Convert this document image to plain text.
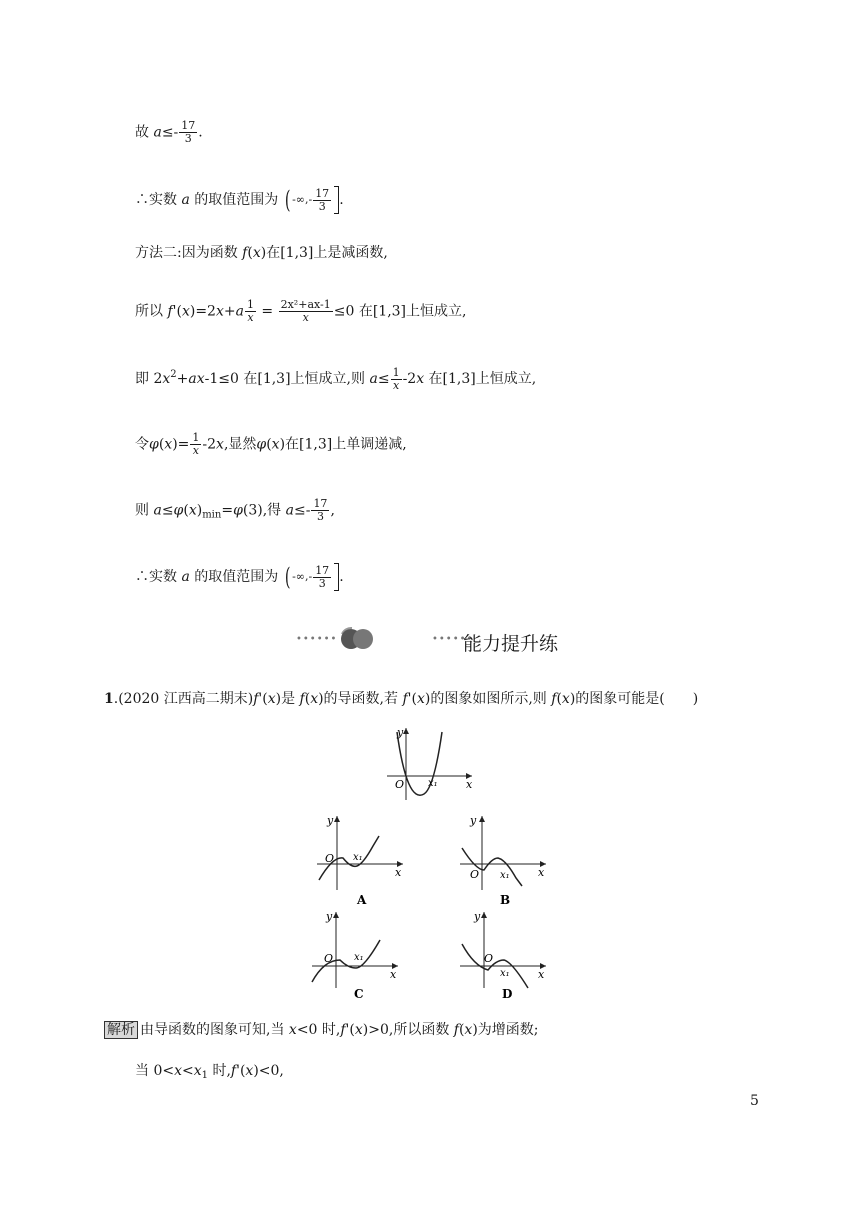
故 $a\le- \frac{17}{3}$ .
∴实数 a 的取值范围为 ( -∞,- $\frac{17}{3}$ .
方法二:因为函数 f(x)在[1,3]上是减函数,
所以 $f'(x)=2x+a \frac{1}{x} = \frac{\text{2x²+ax-1}}{x} \le 0$ 在[1,3]上恒成立,
即 $2x^2+ax-1\le 0$ 在[1,3]上恒成立,则 $a\le \frac{1}{x} -2x$ 在[1,3]上恒成立,
令$\varphi(x)= \frac{1}{x} -2x$,显然φ(x)在[1,3]上单调递减,
则 $a\le\varphi(x)_{min}=\varphi(3)$,得 $a\le- \frac{17}{3}$ ,
∴实数 a 的取值范围为 ( -∞,- $\frac{17}{3}$ .
••••••	••••••
能力提升练
1.(2020 江西高二期末)f'(x)是 f(x)的导函数,若 f'(x)的图象如图所示,则 f(x)的图象可能是(　　)
y
x
O x₁
y
x
O x₁
A
y
x
O x₁
B
y
x
O x₁
C
y
x
O
x₁
D
解析 由导函数的图象可知,当 x<0 时,f'(x)>0,所以函数 f(x)为增函数;
当 $0<x<x_1$ 时,f'(x)<0,
5
